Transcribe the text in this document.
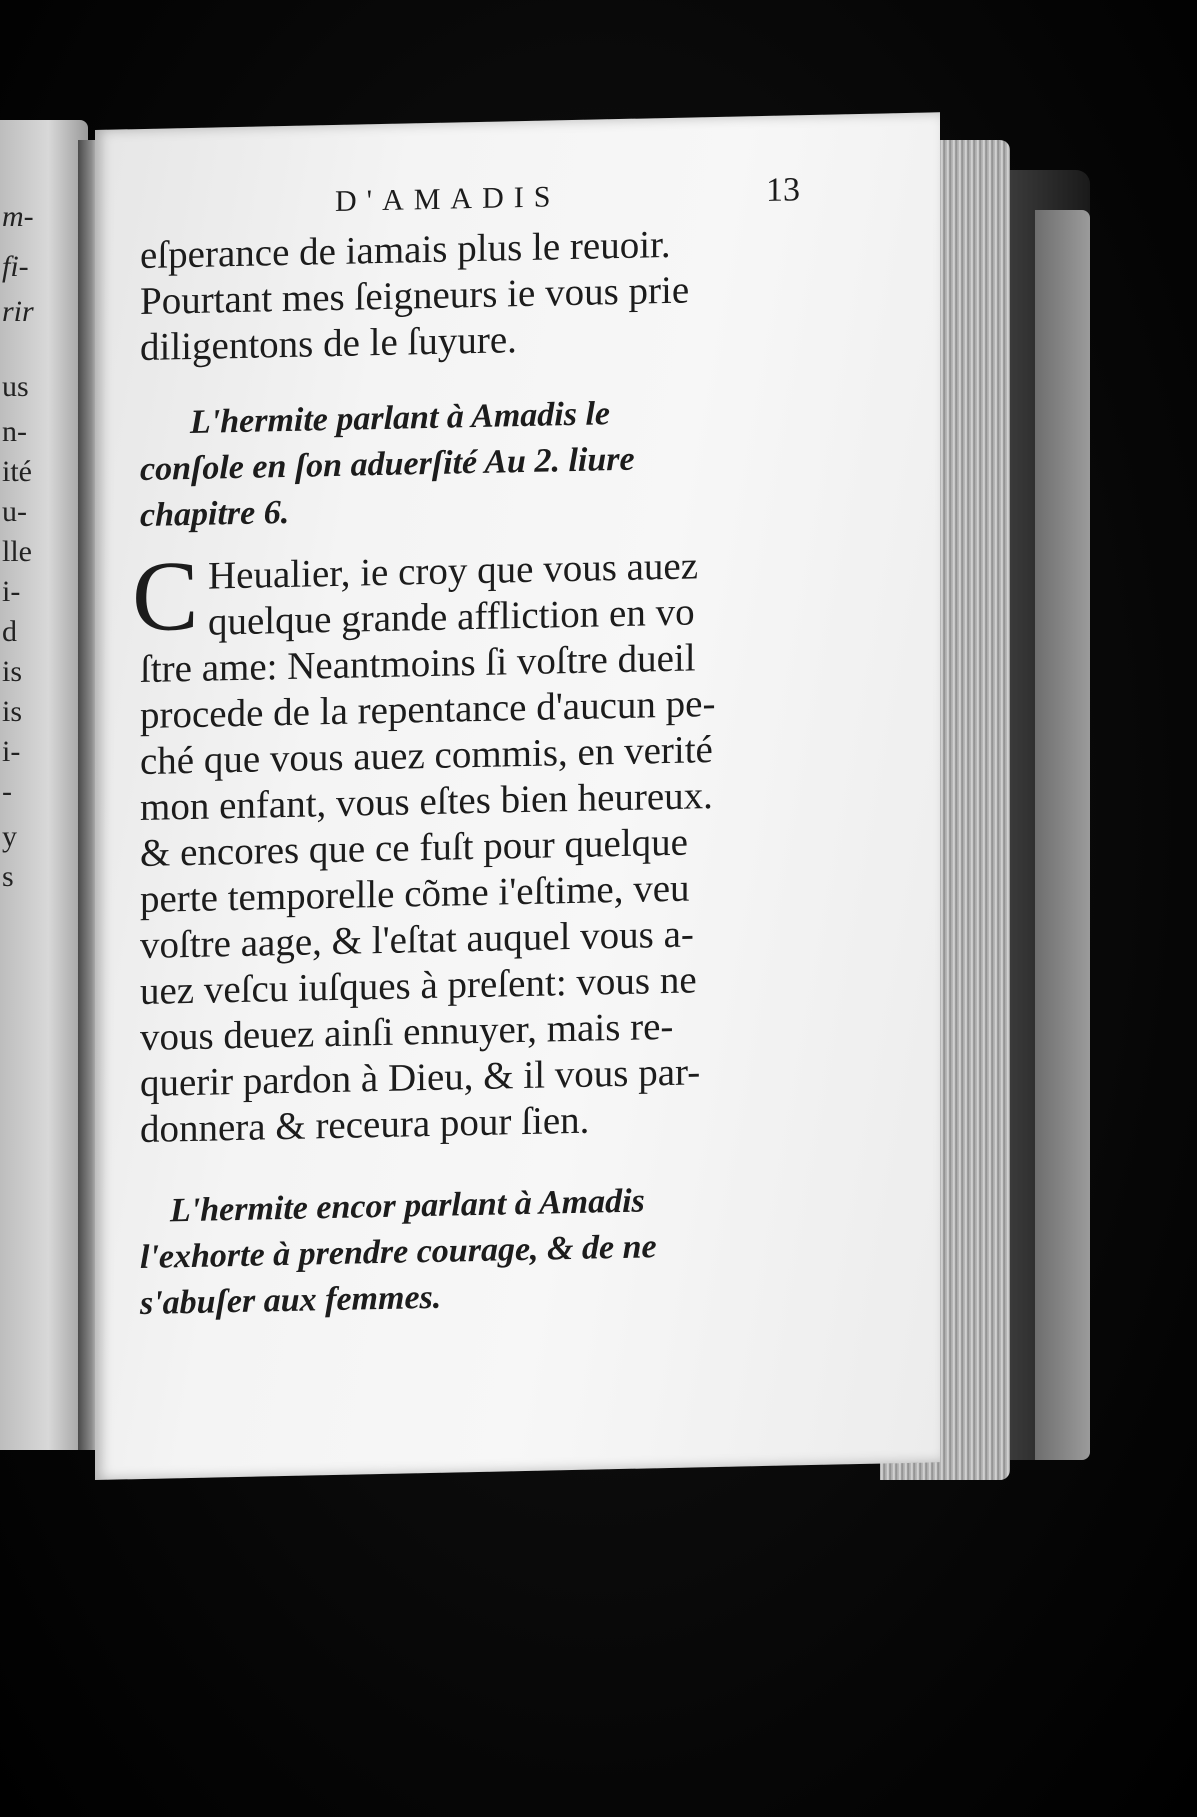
m-
fi-
rir
us
n-
ité
u-
lle
i-
d
is
is
i-
-
y
s
D'AMADIS	13

eſperance de iamais plus le reuoir.

Pourtant mes ſeigneurs ie vous prie

diligentons de le ſuyure.

L'hermite parlant à Amadis le

conſole en ſon aduerſité Au 2. liure

chapitre 6.

C Heualier, ie croy que vous auez

quelque grande affliction en vo

ſtre ame: Neantmoins ſi voſtre dueil

procede de la repentance d'aucun pe-

ché que vous auez commis, en verité

mon enfant, vous eſtes bien heureux.

& encores que ce fuſt pour quelque

perte temporelle cõme i'eſtime, veu

voſtre aage, & l'eſtat auquel vous a-

uez veſcu iuſques à preſent: vous ne

vous deuez ainſi ennuyer, mais re-

querir pardon à Dieu, & il vous par-

donnera & receura pour ſien.

L'hermite encor parlant à Amadis

l'exhorte à prendre courage, & de ne

s'abuſer aux femmes.
